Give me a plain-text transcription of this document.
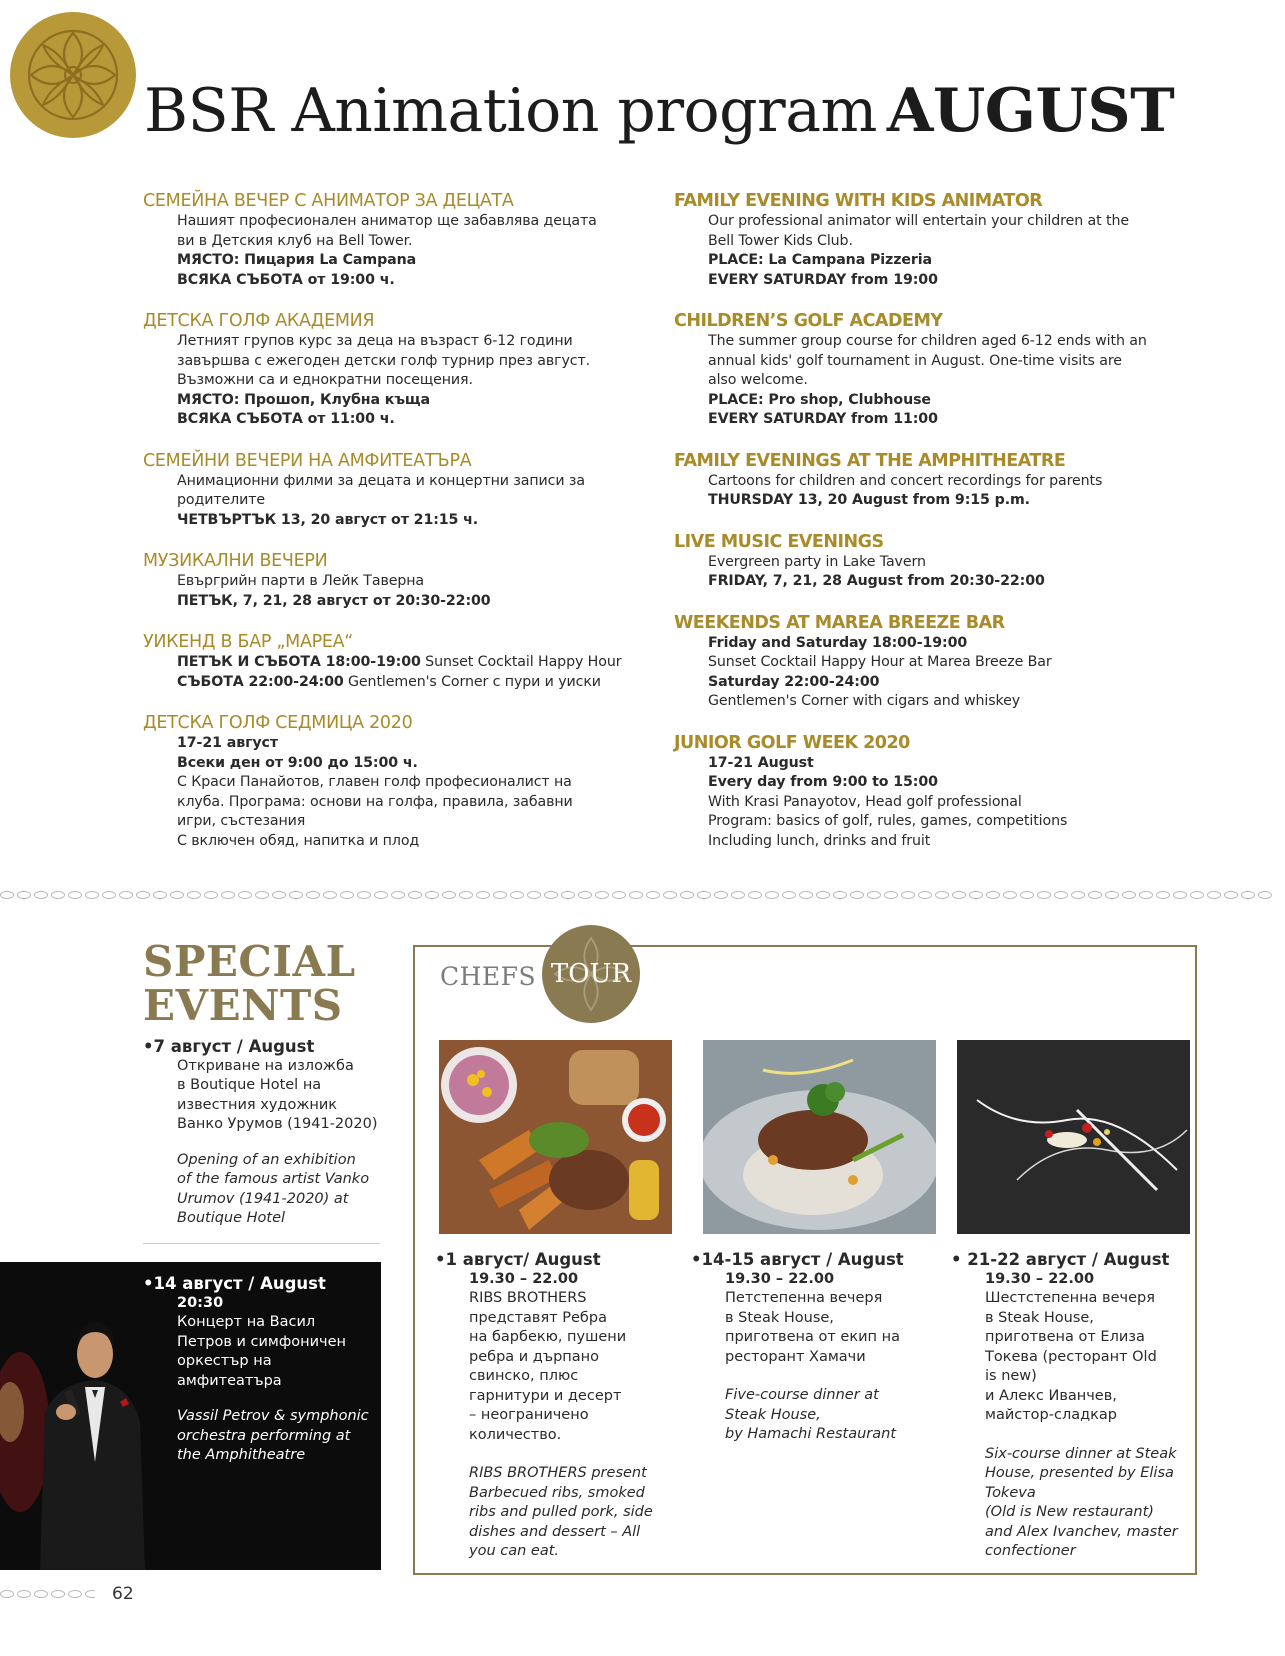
BSR Animation program AUGUST
СЕМЕЙНА ВЕЧЕР С АНИМАТОР ЗА ДЕЦАТА
Нашият професионален аниматор ще забавлява децата
ви в Детския клуб на Bell Tower.
МЯСТО: Пицария La Campana
ВСЯКА СЪБОТА от 19:00 ч.
ДЕТСКА ГОЛФ АКАДЕМИЯ
Летният групов курс за деца на възраст 6-12 години
завършва с ежегоден детски голф турнир през август.
Възможни са и еднократни посещения.
МЯСТО: Прошоп, Клубна къща
ВСЯКА СЪБОТА от 11:00 ч.
СЕМЕЙНИ ВЕЧЕРИ НА АМФИТЕАТЪРА
Анимационни филми за децата и концертни записи за
родителите
ЧЕТВЪРТЪК 13, 20 август от 21:15 ч.
МУЗИКАЛНИ ВЕЧЕРИ
Евъргрийн парти в Лейк Таверна
ПЕТЪК, 7, 21, 28 август от 20:30-22:00
УИКЕНД В БАР „МАРЕА“
ПЕТЪК И СЪБОТА 18:00-19:00 Sunset Cocktail Happy Hour
СЪБОТА 22:00-24:00 Gentlemen's Corner с пури и уиски
ДЕТСКА ГОЛФ СЕДМИЦА 2020
17-21 август
Всеки ден от 9:00 до 15:00 ч.
С Краси Панайотов, главен голф професионалист на
клуба. Програма: основи на голфа, правила, забавни
игри, състезания
С включен обяд, напитка и плод
FAMILY EVENING WITH KIDS ANIMATOR
Our professional animator will entertain your children at the
Bell Tower Kids Club.
PLACE: La Campana Pizzeria
EVERY SATURDAY from 19:00
CHILDREN’S GOLF ACADEMY
The summer group course for children aged 6-12 ends with an
annual kids' golf tournament in August. One-time visits are
also welcome.
PLACE: Pro shop, Clubhouse
EVERY SATURDAY from 11:00
FAMILY EVENINGS AT THE AMPHITHEATRE
Cartoons for children and concert recordings for parents
THURSDAY 13, 20 August from 9:15 p.m.
LIVE MUSIC EVENINGS
Evergreen party in Lake Tavern
FRIDAY, 7, 21, 28 August from 20:30-22:00
WEEKENDS AT MAREA BREEZE BAR
Friday and Saturday 18:00-19:00
Sunset Cocktail Happy Hour at Marea Breeze Bar
Saturday 22:00-24:00
Gentlemen's Corner with cigars and whiskey
JUNIOR GOLF WEEK 2020
17-21 August
Every day from 9:00 to 15:00
With Krasi Panayotov, Head golf professional
Program: basics of golf, rules, games, competitions
Including lunch, drinks and fruit
SPECIAL
EVENTS
•7 август / August
Откриване на изложба
в Boutique Hotel на
известния художник
Ванко Урумов (1941-2020)
Opening of an exhibition
of the famous artist Vanko
Urumov (1941-2020) at
Boutique Hotel
•14 август / August
20:30
Концерт на Васил
Петров и симфоничен
оркестър на
амфитеатъра
Vassil Petrov & symphonic
orchestra performing at
the Amphitheatre
CHEFS TOUR
•1 август/ August
19.30 – 22.00
RIBS BROTHERS
представят Ребра
на барбекю, пушени
ребра и дърпано
свинско, плюс
гарнитури и десерт
– неограничено
количество.
RIBS BROTHERS present
Barbecued ribs, smoked
ribs and pulled pork, side
dishes and dessert – All
you can eat.
•14-15 август / August
19.30 – 22.00
Петстепенна вечеря
в Steak House,
приготвена от екип на
ресторант Хамачи
Five-course dinner at
Steak House,
by Hamachi Restaurant
• 21-22 август / August
19.30 – 22.00
Шестстепенна вечеря
в Steak House,
приготвена от Елиза
Токева (ресторант Old
is new)
и Алекс Иванчев,
майстор-сладкар
Six-course dinner at Steak
House, presented by Elisa
Tokeva
(Old is New restaurant)
and Alex Ivanchev, master
confectioner
62
